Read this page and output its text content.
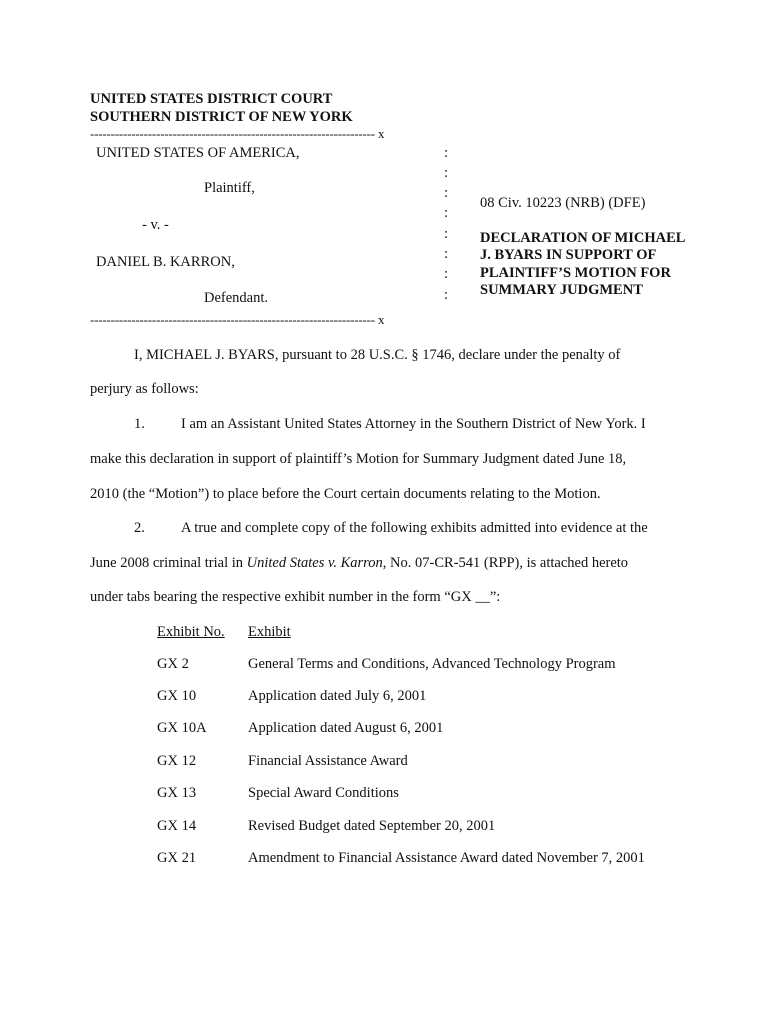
UNITED STATES DISTRICT COURT
SOUTHERN DISTRICT OF NEW YORK
--------------------------------------------------------------------- x
UNITED STATES OF AMERICA,
Plaintiff,
- v. -
DANIEL B. KARRON,
Defendant.
:
:
:
:
:
:
:
:
--------------------------------------------------------------------- x
08 Civ. 10223 (NRB) (DFE)
DECLARATION OF MICHAEL
J. BYARS IN SUPPORT OF
PLAINTIFF’S MOTION FOR
SUMMARY JUDGMENT
I, MICHAEL J. BYARS, pursuant to 28 U.S.C. § 1746, declare under the penalty of
perjury as follows:
1. I am an Assistant United States Attorney in the Southern District of New York. I
make this declaration in support of plaintiff’s Motion for Summary Judgment dated June 18,
2010 (the “Motion”) to place before the Court certain documents relating to the Motion.
2. A true and complete copy of the following exhibits admitted into evidence at the
June 2008 criminal trial in United States v. Karron, No. 07-CR-541 (RPP), is attached hereto
under tabs bearing the respective exhibit number in the form “GX __”:
Exhibit No. Exhibit
GX 2	General Terms and Conditions, Advanced Technology Program
GX 10	Application dated July 6, 2001
GX 10A	Application dated August 6, 2001
GX 12	Financial Assistance Award
GX 13	Special Award Conditions
GX 14	Revised Budget dated September 20, 2001
GX 21	Amendment to Financial Assistance Award dated November 7, 2001
